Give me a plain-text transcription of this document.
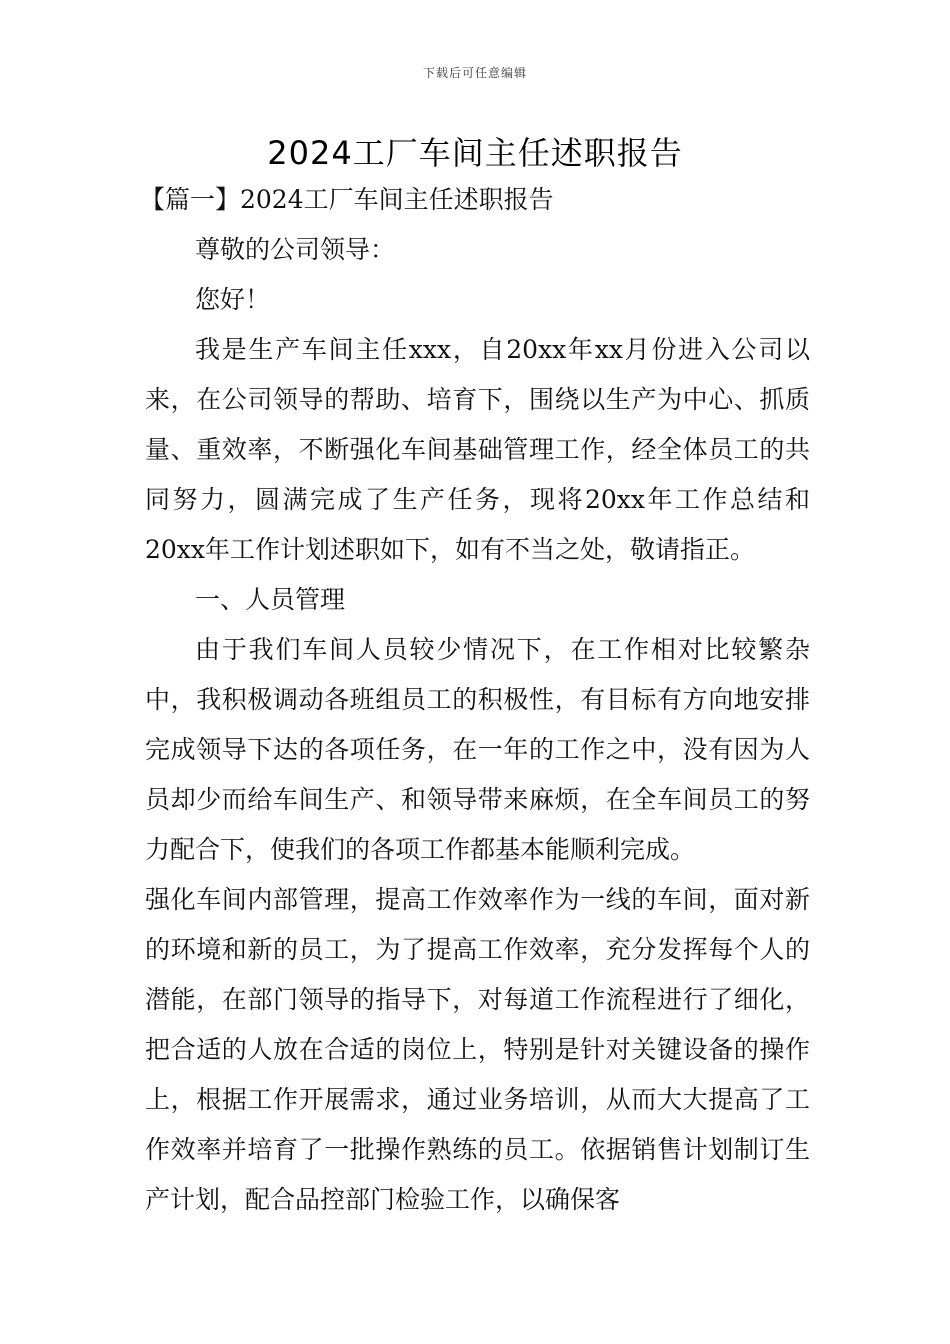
下载后可任意编辑
2024工厂车间主任述职报告

【篇一】2024工厂车间主任述职报告

尊敬的公司领导：

您好！

我是生产车间主任xxx，自20xx年xx月份进入公司以来，在公司领导的帮助、培育下，围绕以生产为中心、抓质量、重效率，不断强化车间基础管理工作，经全体员工的共同努力，圆满完成了生产任务，现将20xx年工作总结和20xx年工作计划述职如下，如有不当之处，敬请指正。

一、人员管理

由于我们车间人员较少情况下，在工作相对比较繁杂中，我积极调动各班组员工的积极性，有目标有方向地安排完成领导下达的各项任务，在一年的工作之中，没有因为人员却少而给车间生产、和领导带来麻烦，在全车间员工的努力配合下，使我们的各项工作都基本能顺利完成。

强化车间内部管理，提高工作效率作为一线的车间，面对新的环境和新的员工，为了提高工作效率，充分发挥每个人的潜能，在部门领导的指导下，对每道工作流程进行了细化，把合适的人放在合适的岗位上，特别是针对关键设备的操作上，根据工作开展需求，通过业务培训，从而大大提高了工作效率并培育了一批操作熟练的员工。依据销售计划制订生产计划，配合品控部门检验工作，以确保客
